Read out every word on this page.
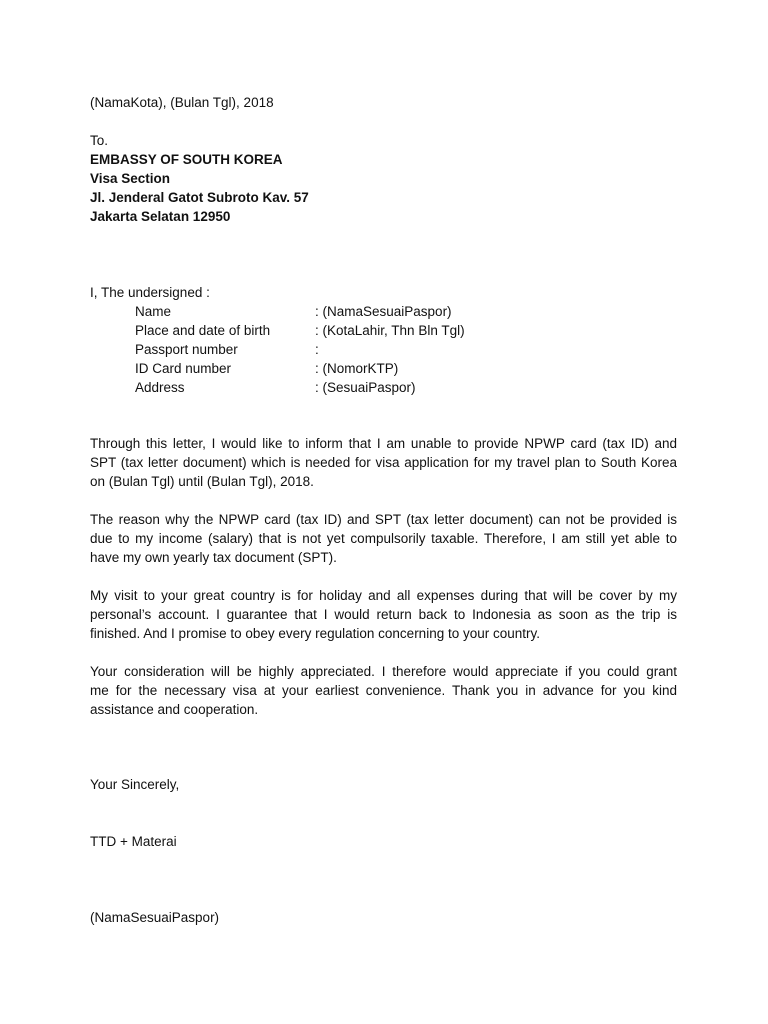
(NamaKota), (Bulan Tgl), 2018
To.
EMBASSY OF SOUTH KOREA
Visa Section
Jl. Jenderal Gatot Subroto Kav. 57
Jakarta Selatan 12950
I, The undersigned :
Name	: (NamaSesuaiPaspor)
Place and date of birth	: (KotaLahir, Thn Bln Tgl)
Passport number	:
ID Card number	: (NomorKTP)
Address	: (SesuaiPaspor)
Through this letter, I would like to inform that I am unable to provide NPWP card (tax ID) and
SPT (tax letter document) which is needed for visa application for my travel plan to South Korea
on (Bulan Tgl) until (Bulan Tgl), 2018.
The reason why the NPWP card (tax ID) and SPT (tax letter document) can not be provided is
due to my income (salary) that is not yet compulsorily taxable. Therefore, I am still yet able to
have my own yearly tax document (SPT).
My visit to your great country is for holiday and all expenses during that will be cover by my
personal’s account. I guarantee that I would return back to Indonesia as soon as the trip is
finished. And I promise to obey every regulation concerning to your country.
Your consideration will be highly appreciated. I therefore would appreciate if you could grant
me for the necessary visa at your earliest convenience. Thank you in advance for you kind
assistance and cooperation.
Your Sincerely,
TTD + Materai
(NamaSesuaiPaspor)
